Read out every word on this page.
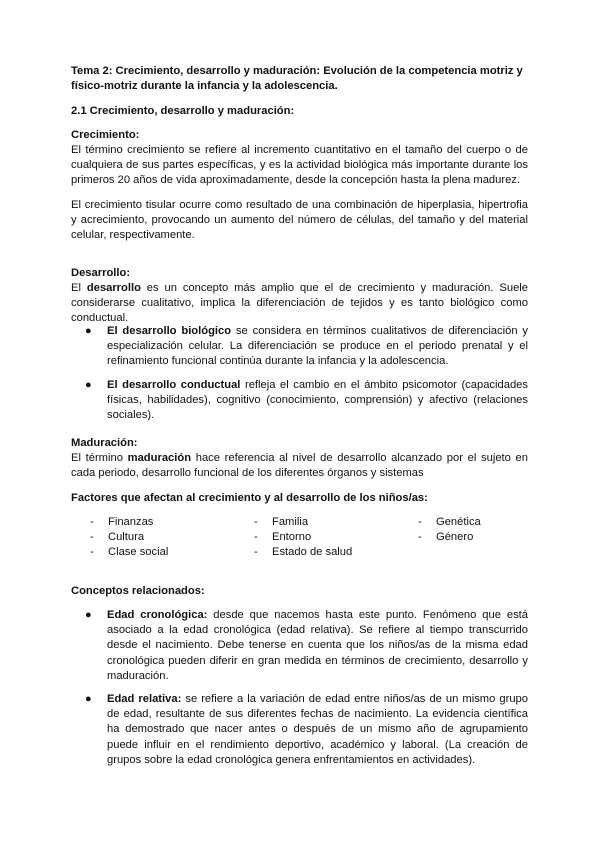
Tema 2: Crecimiento, desarrollo y maduración: Evolución de la competencia motriz y físico-motriz durante la infancia y la adolescencia.

2.1 Crecimiento, desarrollo y maduración:

Crecimiento:

El término crecimiento se refiere al incremento cuantitativo en el tamaño del cuerpo o de cualquiera de sus partes específicas, y es la actividad biológica más importante durante los primeros 20 años de vida aproximadamente, desde la concepción hasta la plena madurez.

El crecimiento tisular ocurre como resultado de una combinación de hiperplasia, hipertrofia y acrecimiento, provocando un aumento del número de células, del tamaño y del material celular, respectivamente.

Desarrollo:

El desarrollo es un concepto más amplio que el de crecimiento y maduración. Suele considerarse cualitativo, implica la diferenciación de tejidos y es tanto biológico como conductual.

● El desarrollo biológico se considera en términos cualitativos de diferenciación y especialización celular. La diferenciación se produce en el periodo prenatal y el refinamiento funcional continúa durante la infancia y la adolescencia.

● El desarrollo conductual refleja el cambio en el ámbito psicomotor (capacidades físicas, habilidades), cognitivo (conocimiento, comprensión) y afectivo (relaciones sociales).

Maduración:

El término maduración hace referencia al nivel de desarrollo alcanzado por el sujeto en cada periodo, desarrollo funcional de los diferentes órganos y sistemas

Factores que afectan al crecimiento y al desarrollo de los niños/as:

- Finanzas
- Cultura
- Clase social
- Familia
- Entorno
- Estado de salud
- Genética
- Género

Conceptos relacionados:

● Edad cronológica: desde que nacemos hasta este punto. Fenómeno que está asociado a la edad cronológica (edad relativa). Se refiere al tiempo transcurrido desde el nacimiento. Debe tenerse en cuenta que los niños/as de la misma edad cronológica pueden diferir en gran medida en términos de crecimiento, desarrollo y maduración.

● Edad relativa: se refiere a la variación de edad entre niños/as de un mismo grupo de edad, resultante de sus diferentes fechas de nacimiento. La evidencia científica ha demostrado que nacer antes o después de un mismo año de agrupamiento puede influir en el rendimiento deportivo, académico y laboral. (La creación de grupos sobre la edad cronológica genera enfrentamientos en actividades).
